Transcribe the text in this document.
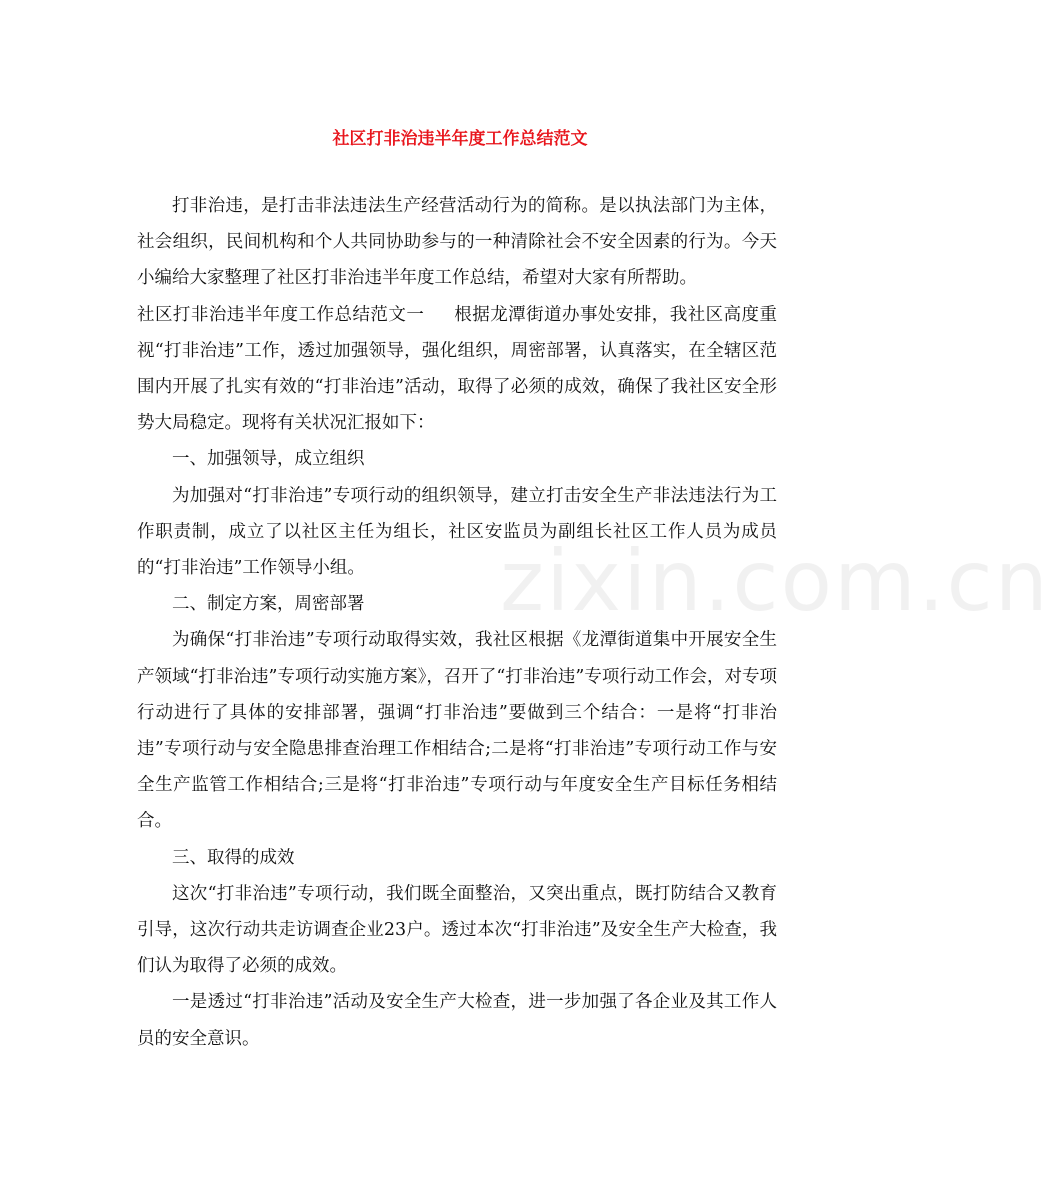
社区打非治违半年度工作总结范文
zixin.com.cn

打非治违，是打击非法违法生产经营活动行为的简称。是以执法部门为主体，社会组织，民间机构和个人共同协助参与的一种清除社会不安全因素的行为。今天小编给大家整理了社区打非治违半年度工作总结，希望对大家有所帮助。

社区打非治违半年度工作总结范文一 根据龙潭街道办事处安排，我社区高度重视“打非治违”工作，透过加强领导，强化组织，周密部署，认真落实，在全辖区范围内开展了扎实有效的“打非治违”活动，取得了必须的成效，确保了我社区安全形势大局稳定。现将有关状况汇报如下：

一、加强领导，成立组织

为加强对“打非治违”专项行动的组织领导，建立打击安全生产非法违法行为工作职责制，成立了以社区主任为组长，社区安监员为副组长社区工作人员为成员的“打非治违”工作领导小组。

二、制定方案，周密部署

为确保“打非治违”专项行动取得实效，我社区根据《龙潭街道集中开展安全生产领域“打非治违”专项行动实施方案》，召开了“打非治违”专项行动工作会，对专项行动进行了具体的安排部署，强调“打非治违”要做到三个结合：一是将“打非治违”专项行动与安全隐患排查治理工作相结合;二是将“打非治违”专项行动工作与安全生产监管工作相结合;三是将“打非治违”专项行动与年度安全生产目标任务相结合。

三、取得的成效

这次“打非治违”专项行动，我们既全面整治，又突出重点，既打防结合又教育引导，这次行动共走访调查企业23户。透过本次“打非治违”及安全生产大检查，我们认为取得了必须的成效。

一是透过“打非治违”活动及安全生产大检查，进一步加强了各企业及其工作人员的安全意识。
